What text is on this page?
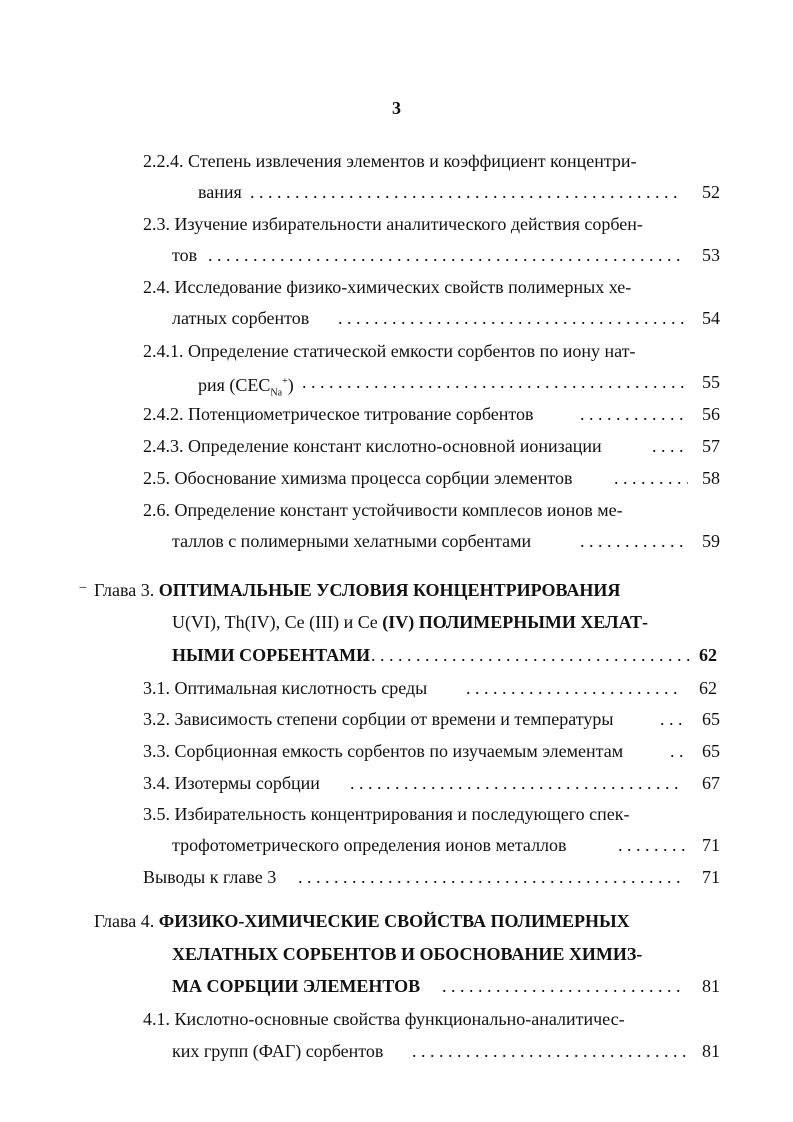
3
2.2.4. Степень извлечения элементов и коэффициент концентри-
вания . . .	52
2.3. Изучение избирательности аналитического действия сорбен-
тов . . .	53
2.4. Исследование физико-химических свойств полимерных хе-
латных сорбентов . . .	54
2.4.1. Определение статической емкости сорбентов по иону нат-
рия $(СЕС_{Na}^+)$ . . .	55
2.4.2. Потенциометрическое титрование сорбентов . . .	56
2.4.3. Определение констант кислотно-основной ионизации . . .	57
2.5. Обоснование химизма процесса сорбции элементов . . .	58
2.6. Определение констант устойчивости комплесов ионов ме-
таллов с полимерными хелатными сорбентами . . .	59
‾ Глава 3. ОПТИМАЛЬНЫЕ УСЛОВИЯ КОНЦЕНТРИРОВАНИЯ
U(VI), Th(IV), Ce (III) и Ce (IV) ПОЛИМЕРНЫМИ ХЕЛАТ-
НЫМИ СОРБЕНТАМИ . . .	62
3.1. Оптимальная кислотность среды . . .	62
3.2. Зависимость степени сорбции от времени и температуры . . .	65
3.3. Сорбционная емкость сорбентов по изучаемым элементам . . .	65
3.4. Изотермы сорбции . . .	67
3.5. Избирательность концентрирования и последующего спек-
трофотометрического определения ионов металлов . . .	71
Выводы к главе 3 . . .	71
Глава 4. ФИЗИКО-ХИМИЧЕСКИЕ СВОЙСТВА ПОЛИМЕРНЫХ
ХЕЛАТНЫХ СОРБЕНТОВ И ОБОСНОВАНИЕ ХИМИЗ-
МА СОРБЦИИ ЭЛЕМЕНТОВ . . .	81
4.1. Кислотно-основные свойства функционально-аналитичес-
ких групп (ФАГ) сорбентов . . .	81
